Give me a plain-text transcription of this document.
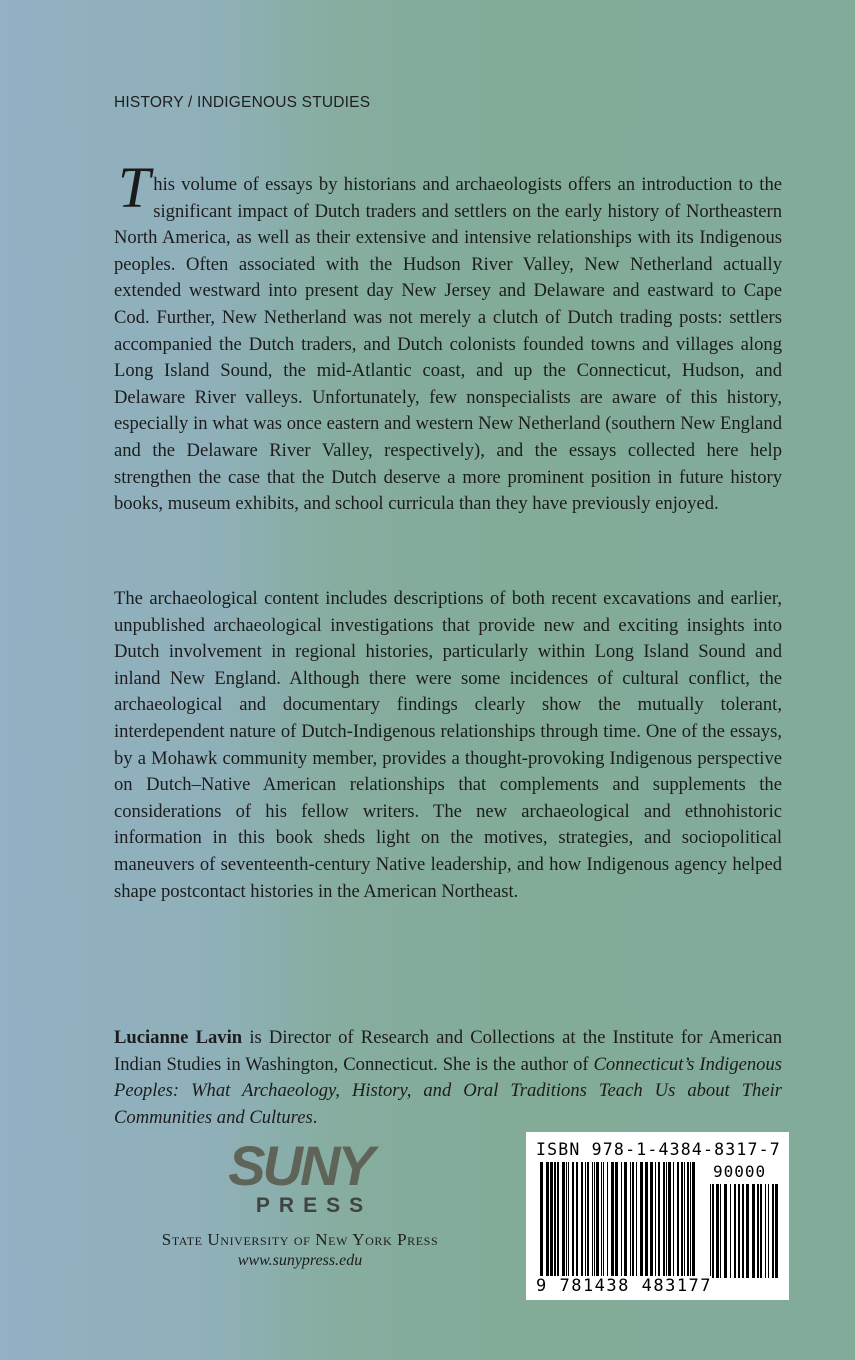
HISTORY / INDIGENOUS STUDIES

This volume of essays by historians and archaeologists offers an introduction to the significant impact of Dutch traders and settlers on the early history of Northeastern North America, as well as their extensive and intensive relationships with its Indigenous peoples. Often associated with the Hudson River Valley, New Netherland actually extended westward into present day New Jersey and Delaware and eastward to Cape Cod. Further, New Netherland was not merely a clutch of Dutch trading posts: settlers accompanied the Dutch traders, and Dutch colonists founded towns and villages along Long Island Sound, the mid-Atlantic coast, and up the Connecticut, Hudson, and Delaware River valleys. Unfortunately, few nonspecialists are aware of this history, especially in what was once eastern and western New Netherland (southern New England and the Delaware River Valley, respectively), and the essays collected here help strengthen the case that the Dutch deserve a more prominent position in future history books, museum exhibits, and school curricula than they have previously enjoyed.

The archaeological content includes descriptions of both recent excavations and earlier, unpublished archaeological investigations that provide new and exciting insights into Dutch involvement in regional histories, particularly within Long Island Sound and inland New England. Although there were some incidences of cultural conflict, the archaeological and documentary findings clearly show the mutually tolerant, interdependent nature of Dutch-Indigenous relationships through time. One of the essays, by a Mohawk community member, provides a thought-provoking Indigenous perspective on Dutch–Native American relationships that complements and supplements the considerations of his fellow writers. The new archaeological and ethnohistoric information in this book sheds light on the motives, strategies, and sociopolitical maneuvers of seventeenth-century Native leadership, and how Indigenous agency helped shape postcontact histories in the American Northeast.

Lucianne Lavin is Director of Research and Collections at the Institute for American Indian Studies in Washington, Connecticut. She is the author of Connecticut’s Indigenous Peoples: What Archaeology, History, and Oral Traditions Teach Us about Their Communities and Cultures.

SUNY
PRESS
State University of New York Press
www.sunypress.edu
ISBN 978-1-4384-8317-7
90000
9 781438 483177
